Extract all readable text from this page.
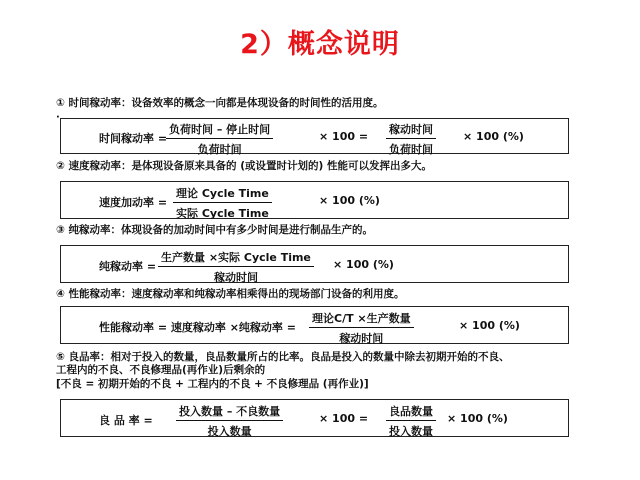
2）概念说明
① 时间稼动率：设备效率的概念一向都是体现设备的时间性的活用度。
·
时间稼动率 =
负荷时间 – 停止时间
负荷时间
× 100 =
稼动时间
负荷时间
× 100 (%)
② 速度稼动率：是体现设备原来具备的 (或设置时计划的) 性能可以发挥出多大。
速度加动率 =
理论 Cycle Time
实际 Cycle Time
× 100 (%)
③ 纯稼动率：体现设备的加动时间中有多少时间是进行制品生产的。
纯稼动率 =
生产数量 ×实际 Cycle Time
稼动时间
× 100 (%)
④ 性能稼动率：速度稼动率和纯稼动率相乘得出的现场部门设备的利用度。
性能稼动率 = 速度稼动率 ×纯稼动率 =
理论C/T ×生产数量
稼动时间
× 100 (%)
⑤ 良品率：相对于投入的数量，良品数量所占的比率。良品是投入的数量中除去初期开始的不良、
工程内的不良、不良修理品(再作业)后剩余的
[不良 = 初期开始的不良 + 工程内的不良 + 不良修理品 (再作业)]
良 品 率 =
投入数量 – 不良数量
投入数量
× 100 =
良品数量
投入数量
× 100 (%)
